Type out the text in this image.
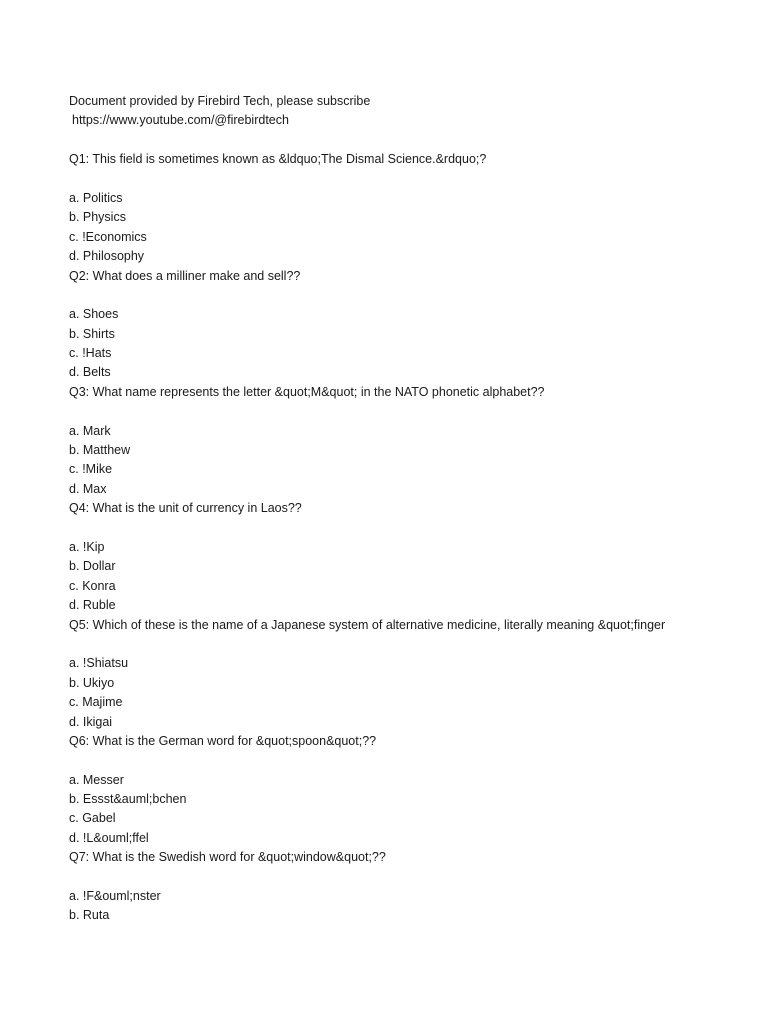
Document provided by Firebird Tech, please subscribe
https://www.youtube.com/@firebirdtech
Q1: This field is sometimes known as &ldquo;The Dismal Science.&rdquo;?
a. Politics
b. Physics
c. !Economics
d. Philosophy
Q2: What does a milliner make and sell??
a. Shoes
b. Shirts
c. !Hats
d. Belts
Q3: What name represents the letter &quot;M&quot; in the NATO phonetic alphabet??
a. Mark
b. Matthew
c. !Mike
d. Max
Q4: What is the unit of currency in Laos??
a. !Kip
b. Dollar
c. Konra
d. Ruble
Q5: Which of these is the name of a Japanese system of alternative medicine, literally meaning &quot;finger
a. !Shiatsu
b. Ukiyo
c. Majime
d. Ikigai
Q6: What is the German word for &quot;spoon&quot;??
a. Messer
b. Essst&auml;bchen
c. Gabel
d. !L&ouml;ffel
Q7: What is the Swedish word for &quot;window&quot;??
a. !F&ouml;nster
b. Ruta
